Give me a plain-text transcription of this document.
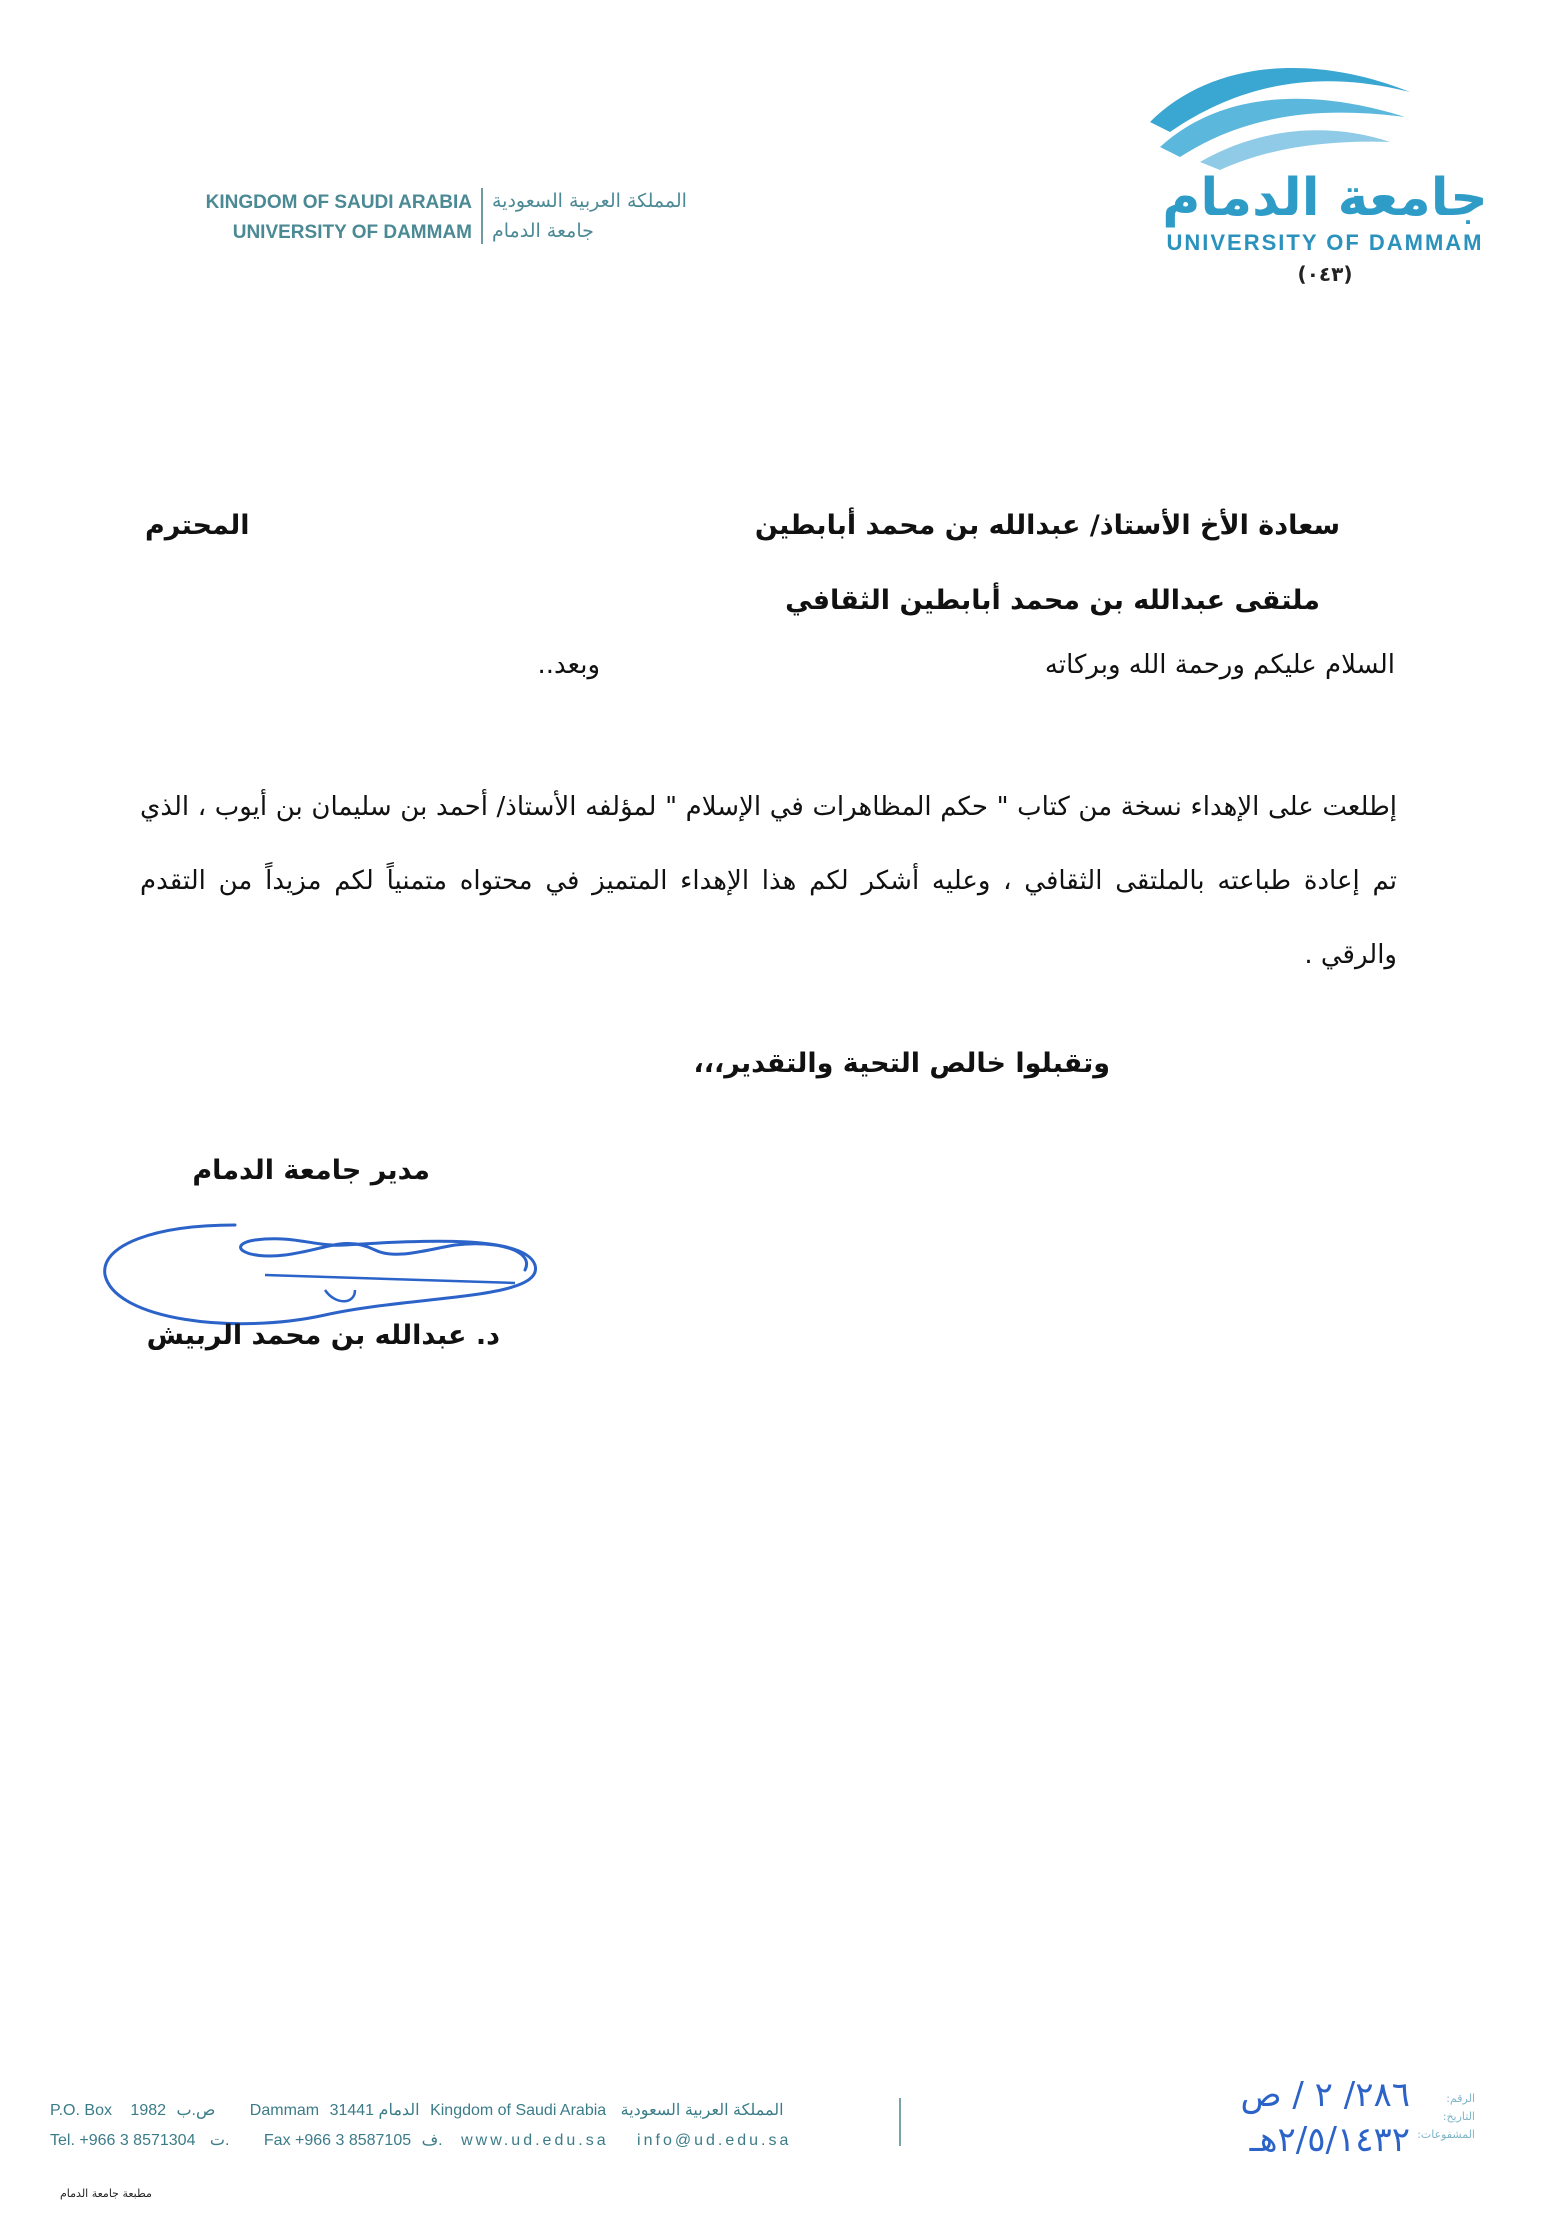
KINGDOM OF SAUDI ARABIA
UNIVERSITY OF DAMMAM
المملكة العربية السعودية
جامعة الدمام
جامعة الدمام
UNIVERSITY OF DAMMAM
(٠٤٣)
سعادة الأخ الأستاذ/ عبدالله بن محمد أبابطين
المحترم
ملتقى عبدالله بن محمد أبابطين الثقافي
السلام عليكم ورحمة الله وبركاته
وبعد..
إطلعت على الإهداء نسخة من كتاب " حكم المظاهرات في الإسلام " لمؤلفه الأستاذ/ أحمد بن سليمان بن أيوب ، الذي تم إعادة طباعته بالملتقى الثقافي ، وعليه أشكر لكم هذا الإهداء المتميز في محتواه متمنياً لكم مزيداً من التقدم والرقي .
وتقبلوا خالص التحية والتقدير،،،
مدير جامعة الدمام
د. عبدالله بن محمد الربيش
P.O. Box 1982 ص.ب Dammam 31441 الدمام Kingdom of Saudi Arabia المملكة العربية السعودية
Tel. +966 3 8571304 ت. Fax +966 3 8587105 ف. www.ud.edu.sa info@ud.edu.sa
مطبعة جامعة الدمام
الرقم:
التاريخ:
المشفوعات:
٢٨٦/ ٢ / ص
٢/٥/١٤٣٢هـ
